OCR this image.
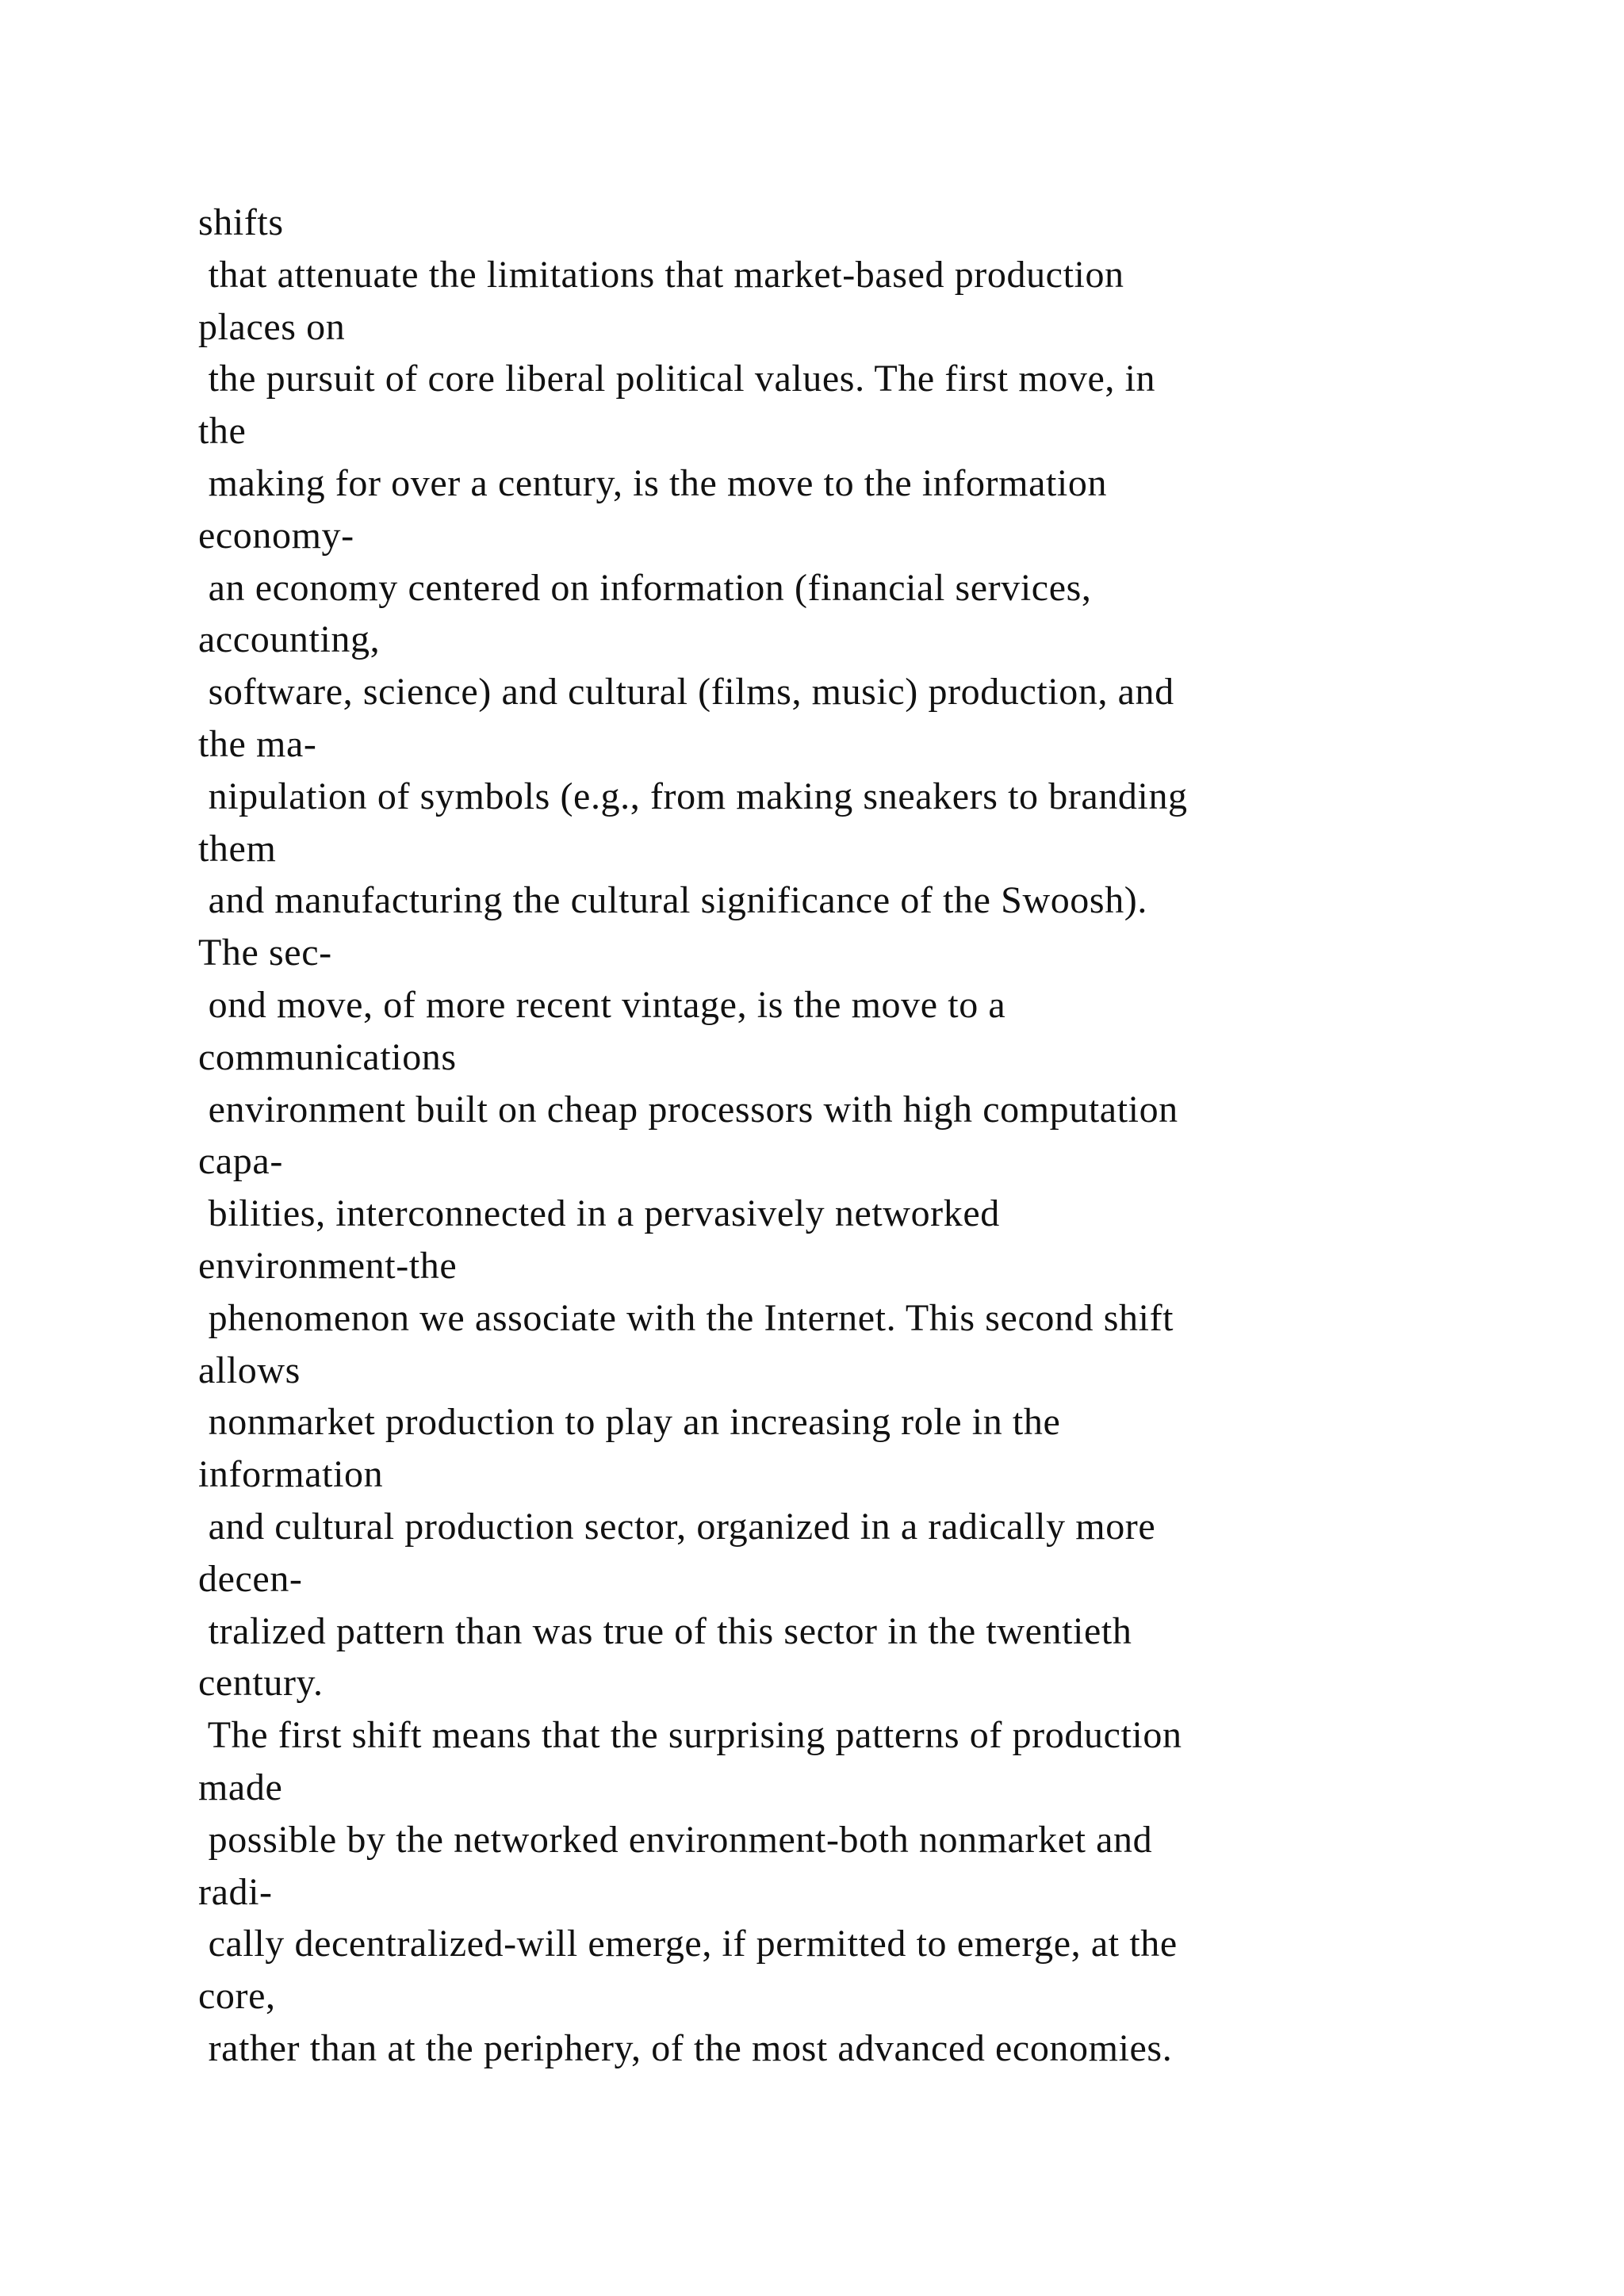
shifts
that attenuate the limitations that market-based production
places on
the pursuit of core liberal political values. The first move, in
the
making for over a century, is the move to the information
economy-
an economy centered on information (financial services,
accounting,
software, science) and cultural (films, music) production, and
the ma-
nipulation of symbols (e.g., from making sneakers to branding
them
and manufacturing the cultural significance of the Swoosh).
The sec-
ond move, of more recent vintage, is the move to a
communications
environment built on cheap processors with high computation
capa-
bilities, interconnected in a pervasively networked
environment-the
phenomenon we associate with the Internet. This second shift
allows
nonmarket production to play an increasing role in the
information
and cultural production sector, organized in a radically more
decen-
tralized pattern than was true of this sector in the twentieth
century.
The first shift means that the surprising patterns of production
made
possible by the networked environment-both nonmarket and
radi-
cally decentralized-will emerge, if permitted to emerge, at the
core,
rather than at the periphery, of the most advanced economies.
